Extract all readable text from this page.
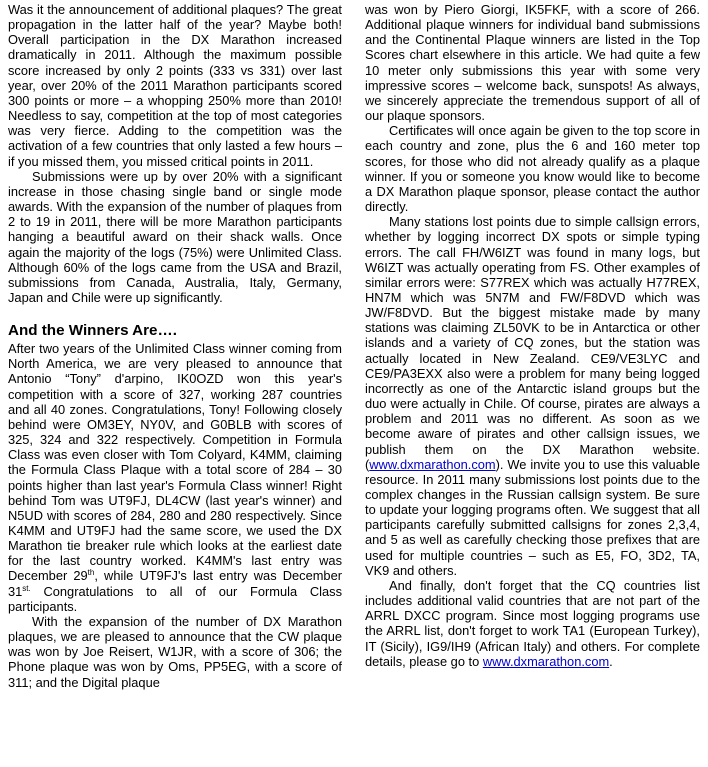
Was it the announcement of additional plaques? The great propagation in the latter half of the year? Maybe both! Overall participation in the DX Marathon increased dramatically in 2011. Although the maximum possible score increased by only 2 points (333 vs 331) over last year, over 20% of the 2011 Marathon participants scored 300 points or more – a whopping 250% more than 2010! Needless to say, competition at the top of most categories was very fierce. Adding to the competition was the activation of a few countries that only lasted a few hours – if you missed them, you missed critical points in 2011.

Submissions were up by over 20% with a significant increase in those chasing single band or single mode awards. With the expansion of the number of plaques from 2 to 19 in 2011, there will be more Marathon participants hanging a beautiful award on their shack walls. Once again the majority of the logs (75%) were Unlimited Class. Although 60% of the logs came from the USA and Brazil, submissions from Canada, Australia, Italy, Germany, Japan and Chile were up significantly.

And the Winners Are….

After two years of the Unlimited Class winner coming from North America, we are very pleased to announce that Antonio “Tony” d'arpino, IK0OZD won this year's competition with a score of 327, working 287 countries and all 40 zones. Congratulations, Tony! Following closely behind were OM3EY, NY0V, and G0BLB with scores of 325, 324 and 322 respectively. Competition in Formula Class was even closer with Tom Colyard, K4MM, claiming the Formula Class Plaque with a total score of 284 – 30 points higher than last year's Formula Class winner! Right behind Tom was UT9FJ, DL4CW (last year's winner) and N5UD with scores of 284, 280 and 280 respectively. Since K4MM and UT9FJ had the same score, we used the DX Marathon tie breaker rule which looks at the earliest date for the last country worked. K4MM's last entry was December 29th, while UT9FJ's last entry was December $31^{st.}$ Congratulations to all of our Formula Class participants.

With the expansion of the number of DX Marathon plaques, we are pleased to announce that the CW plaque was won by Joe Reisert, W1JR, with a score of 306; the Phone plaque was won by Oms, PP5EG, with a score of 311; and the Digital plaque

was won by Piero Giorgi, IK5FKF, with a score of 266. Additional plaque winners for individual band submissions and the Continental Plaque winners are listed in the Top Scores chart elsewhere in this article. We had quite a few 10 meter only submissions this year with some very impressive scores – welcome back, sunspots! As always, we sincerely appreciate the tremendous support of all of our plaque sponsors.

Certificates will once again be given to the top score in each country and zone, plus the 6 and 160 meter top scores, for those who did not already qualify as a plaque winner. If you or someone you know would like to become a DX Marathon plaque sponsor, please contact the author directly.

Many stations lost points due to simple callsign errors, whether by logging incorrect DX spots or simple typing errors. The call FH/W6IZT was found in many logs, but W6IZT was actually operating from FS. Other examples of similar errors were: S77REX which was actually H77REX, HN7M which was 5N7M and FW/F8DVD which was JW/F8DVD. But the biggest mistake made by many stations was claiming ZL50VK to be in Antarctica or other islands and a variety of CQ zones, but the station was actually located in New Zealand. CE9/VE3LYC and CE9/PA3EXX also were a problem for many being logged incorrectly as one of the Antarctic island groups but the duo were actually in Chile. Of course, pirates are always a problem and 2011 was no different. As soon as we become aware of pirates and other callsign issues, we publish them on the DX Marathon website. (www.dxmarathon.com). We invite you to use this valuable resource. In 2011 many submissions lost points due to the complex changes in the Russian callsign system. Be sure to update your logging programs often. We suggest that all participants carefully submitted callsigns for zones 2,3,4, and 5 as well as carefully checking those prefixes that are used for multiple countries – such as E5, FO, 3D2, TA, VK9 and others.

And finally, don't forget that the CQ countries list includes additional valid countries that are not part of the ARRL DXCC program. Since most logging programs use the ARRL list, don't forget to work TA1 (European Turkey), IT (Sicily), IG9/IH9 (African Italy) and others. For complete details, please go to www.dxmarathon.com.
